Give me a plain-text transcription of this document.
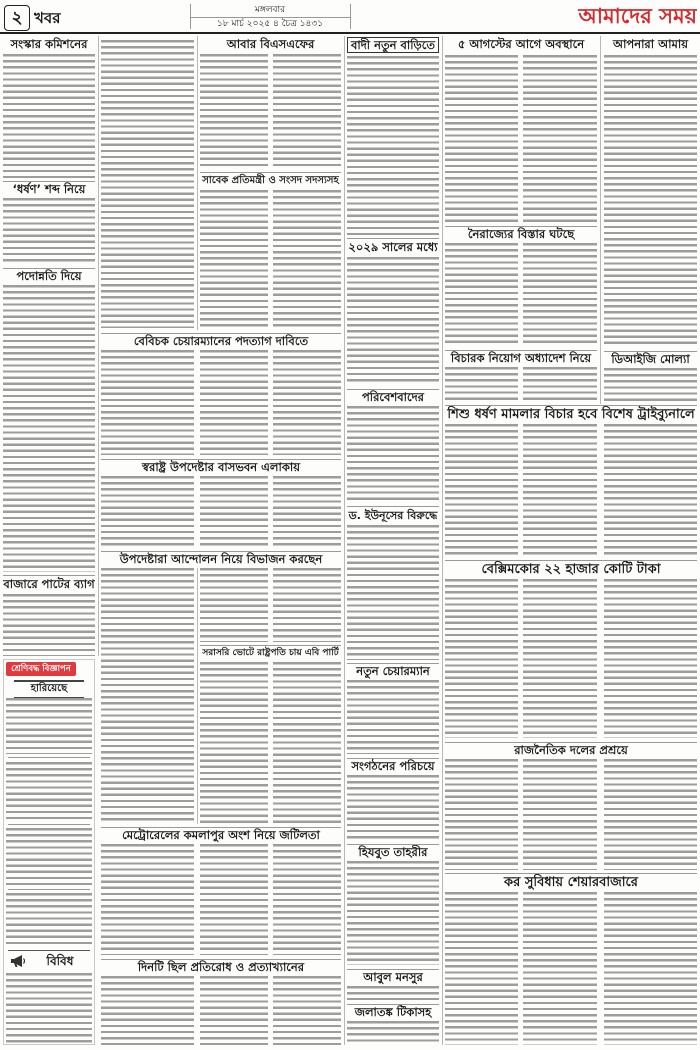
২ খবর	মঙ্গলবার
১৮ মার্চ ২০২৫ ৪ চৈত্র ১৪৩১	আমাদের সময়
সংস্কার কমিশনের	আবার বিএসএফের	বাদী নতুন বাড়িতে	৫ আগস্টের আগে অবস্থানে	আপনারা আমায়
‘ধর্ষণ’ শব্দ নিয়ে
সাবেক প্রতিমন্ত্রী ও সংসদ সদস্যসহ
নৈরাজ্যের বিস্তার ঘটছে
২০২৯ সালের মধ্যে
পদোন্নতি দিয়ে
বেবিচক চেয়ারম্যানের পদত্যাগ দাবিতে
ডিআইজি মোল্যা
বিচারক নিয়োগ অধ্যাদেশ নিয়ে
পরিবেশবাদের
শিশু ধর্ষণ মামলার বিচার হবে বিশেষ ট্রাইব্যুনালে
স্বরাষ্ট্র উপদেষ্টার বাসভবন এলাকায়
ড. ইউনূসের বিরুদ্ধে
উপদেষ্টারা আন্দোলন নিয়ে বিভাজন করছেন
বেক্সিমকোর ২২ হাজার কোটি টাকা
বাজারে পাটের ব্যাগ
সরাসরি ভোটে রাষ্ট্রপতি চায় এবি পার্টি
নতুন চেয়ারম্যান
রাজনৈতিক দলের প্রশ্রয়ে
সংগঠনের পরিচয়ে
মেট্রোরেলের কমলাপুর অংশ নিয়ে জটিলতা
হিযবুত তাহরীর
কর সুবিধায় শেয়ারবাজারে
আবুল মনসুর
দিনটি ছিল প্রতিরোধ ও প্রত্যাখ্যানের
জলাতঙ্ক টিকাসহ
শ্রেণিবদ্ধ বিজ্ঞাপন
হারিয়েছে
বিবিধ
